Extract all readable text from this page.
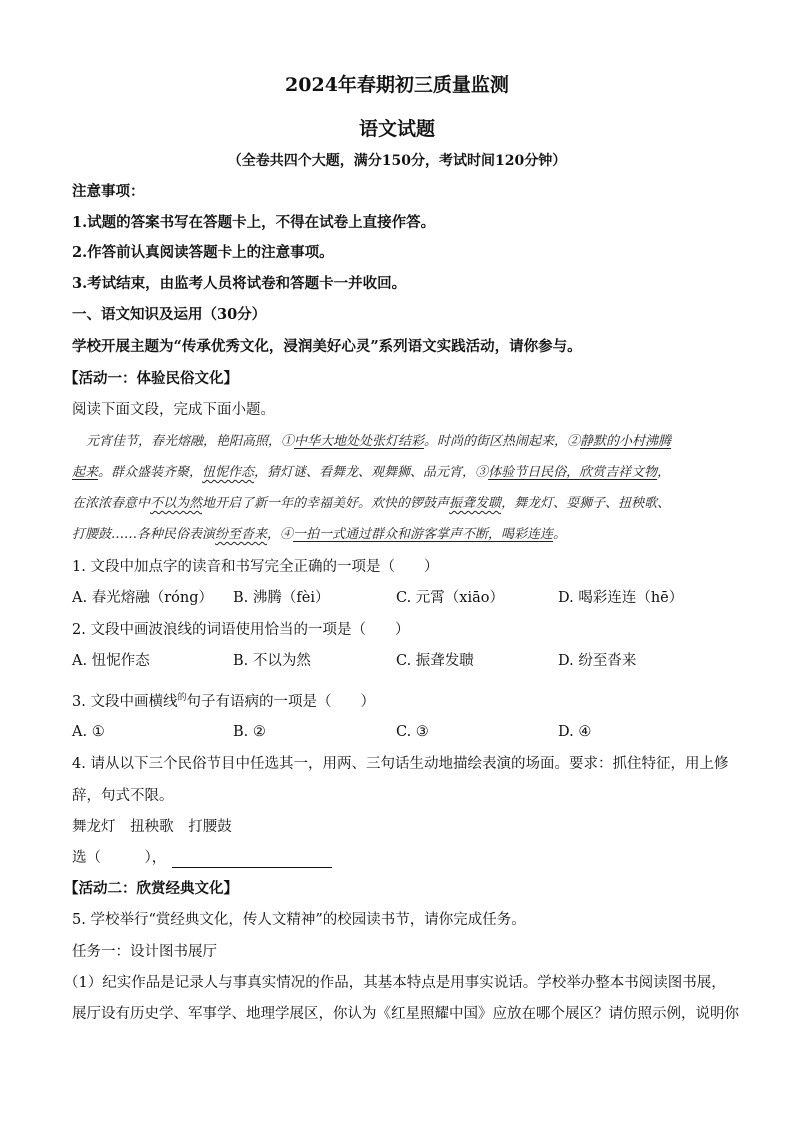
2024年春期初三质量监测
语文试题
（全卷共四个大题，满分150分，考试时间120分钟）
注意事项：
1.试题的答案书写在答题卡上，不得在试卷上直接作答。
2.作答前认真阅读答题卡上的注意事项。
3.考试结束，由监考人员将试卷和答题卡一并收回。
一、语文知识及运用（30分）
学校开展主题为“传承优秀文化，浸润美好心灵”系列语文实践活动，请你参与。
【活动一：体验民俗文化】
阅读下面文段，完成下面小题。
元宵佳节，春光熔融，艳阳高照，①中华大地处处张灯结彩。时尚的街区热闹起来，②静默的小村沸腾
起来。群众盛装齐聚，忸怩作态，猜灯谜、看舞龙、观舞狮、品元宵，③体验节日民俗，欣赏吉祥文物，
在浓浓春意中不以为然地开启了新一年的幸福美好。欢快的锣鼓声振聋发聩，舞龙灯、耍狮子、扭秧歌、
打腰鼓……各种民俗表演纷至沓来，④一拍一式通过群众和游客掌声不断，喝彩连连。
1. 文段中加点字的读音和书写完全正确的一项是（　　）
A. 春光熔融（róng） B. 沸腾（fèi）	C. 元霄（xiāo）	D. 喝彩连连（hē）
2. 文段中画波浪线的词语使用恰当的一项是（　　）
A. 忸怩作态	B. 不以为然	C. 振聋发聩	D. 纷至沓来
3. 文段中画横线$^的$句子有语病的一项是（　　）
A. ①	B. ②	C. ③	D. ④
4. 请从以下三个民俗节目中任选其一，用两、三句话生动地描绘表演的场面。要求：抓住特征，用上修
辞，句式不限。
舞龙灯 扭秧歌 打腰鼓
选（　　　），
【活动二：欣赏经典文化】
5. 学校举行“赏经典文化，传人文精神”的校园读书节，请你完成任务。
任务一：设计图书展厅
（1）纪实作品是记录人与事真实情况的作品，其基本特点是用事实说话。学校举办整本书阅读图书展，
展厅设有历史学、军事学、地理学展区，你认为《红星照耀中国》应放在哪个展区？请仿照示例，说明你
